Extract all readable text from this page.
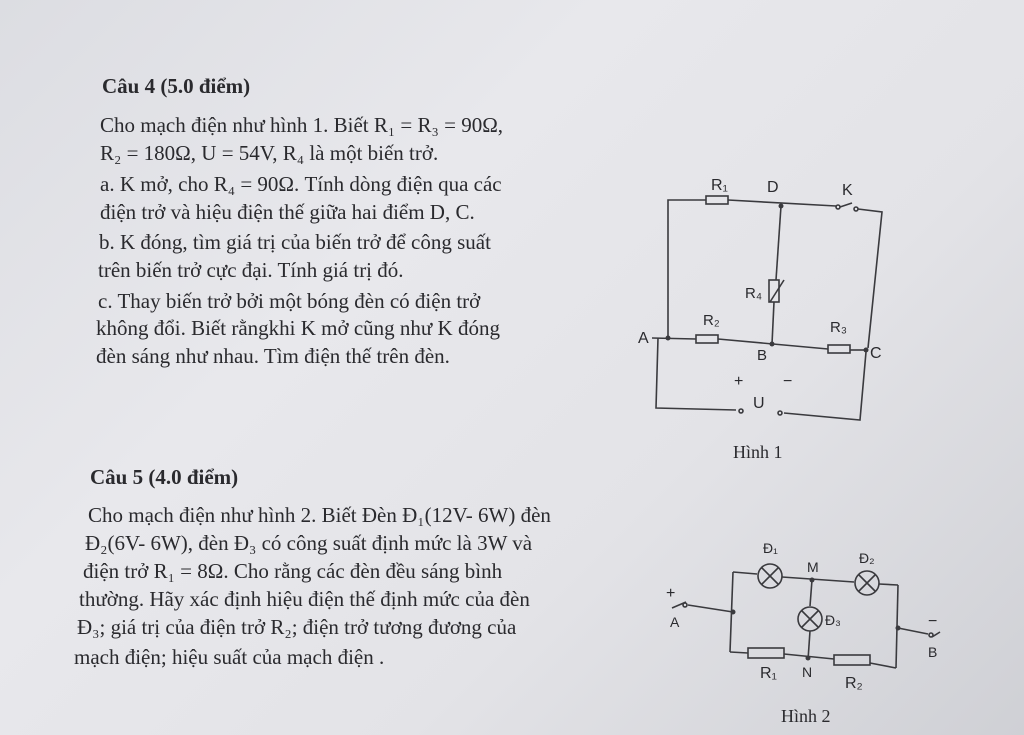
Câu 4 (5.0 điểm)
Cho mạch điện như hình 1. Biết R₁ = R₃ = 90Ω,
R₂ = 180Ω, U = 54V, R₄ là một biến trở.
a. K mở, cho R₄ = 90Ω. Tính dòng điện qua các
điện trở và hiệu điện thế giữa hai điểm D, C.
b. K đóng, tìm giá trị của biến trở để công suất
trên biến trở cực đại. Tính giá trị đó.
c. Thay biến trở bởi một bóng đèn có điện trở
không đổi. Biết rằngkhi K mở cũng như K đóng
đèn sáng như nhau. Tìm điện thế trên đèn.
R₁ D	K
R₄
R₂	R₃
A
B	C
+ −
U
Hình 1
Câu 5 (4.0 điểm)
Cho mạch điện như hình 2. Biết Đèn Đ₁(12V- 6W) đèn
Đ₂(6V- 6W), đèn Đ₃ có công suất định mức là 3W và
điện trở R₁ = 8Ω. Cho rằng các đèn đều sáng bình
thường. Hãy xác định hiệu điện thế định mức của đèn
Đ₃; giá trị của điện trở R₂; điện trở tương đương của
mạch điện; hiệu suất của mạch điện .
Đ₁
M
Đ₂
Đ₃
+
A	−
B
R₁ N
R₂
Hình 2
